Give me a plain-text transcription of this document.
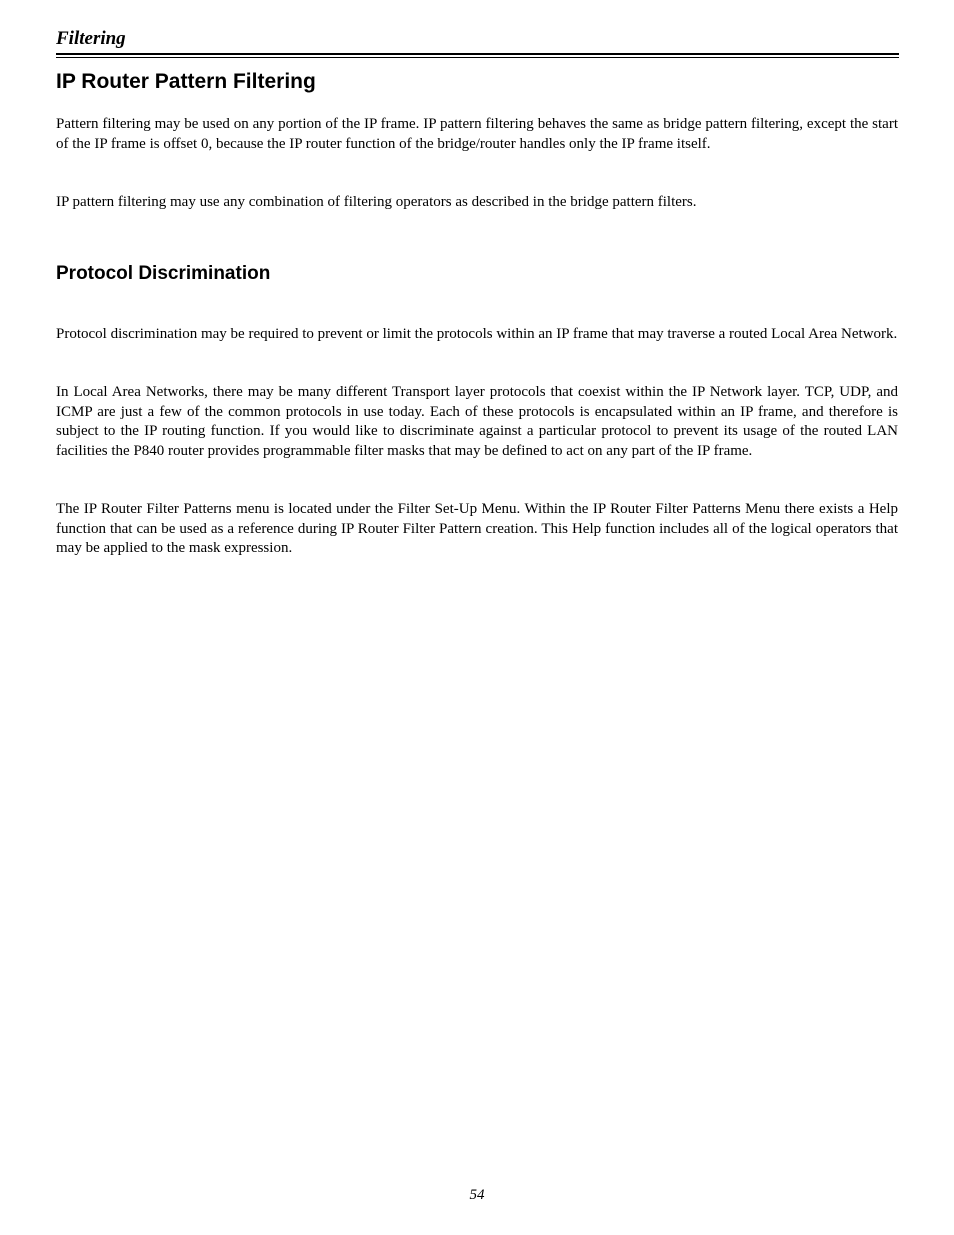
Filtering
IP Router Pattern Filtering

Pattern filtering may be used on any portion of the IP frame. IP pattern filtering behaves the same as bridge pattern filtering, except the start of the IP frame is offset 0, because the IP router function of the bridge/router handles only the IP frame itself.

IP pattern filtering may use any combination of filtering operators as described in the bridge pattern filters.

Protocol Discrimination

Protocol discrimination may be required to prevent or limit the protocols within an IP frame that may traverse a routed Local Area Network.

In Local Area Networks, there may be many different Transport layer protocols that coexist within the IP Network layer. TCP, UDP, and ICMP are just a few of the common protocols in use today. Each of these protocols is encapsulated within an IP frame, and therefore is subject to the IP routing function. If you would like to discriminate against a particular protocol to prevent its usage of the routed LAN facilities the P840 router provides programmable filter masks that may be defined to act on any part of the IP frame.

The IP Router Filter Patterns menu is located under the Filter Set-Up Menu. Within the IP Router Filter Patterns Menu there exists a Help function that can be used as a reference during IP Router Filter Pattern creation. This Help function includes all of the logical operators that may be applied to the mask expression.

54
